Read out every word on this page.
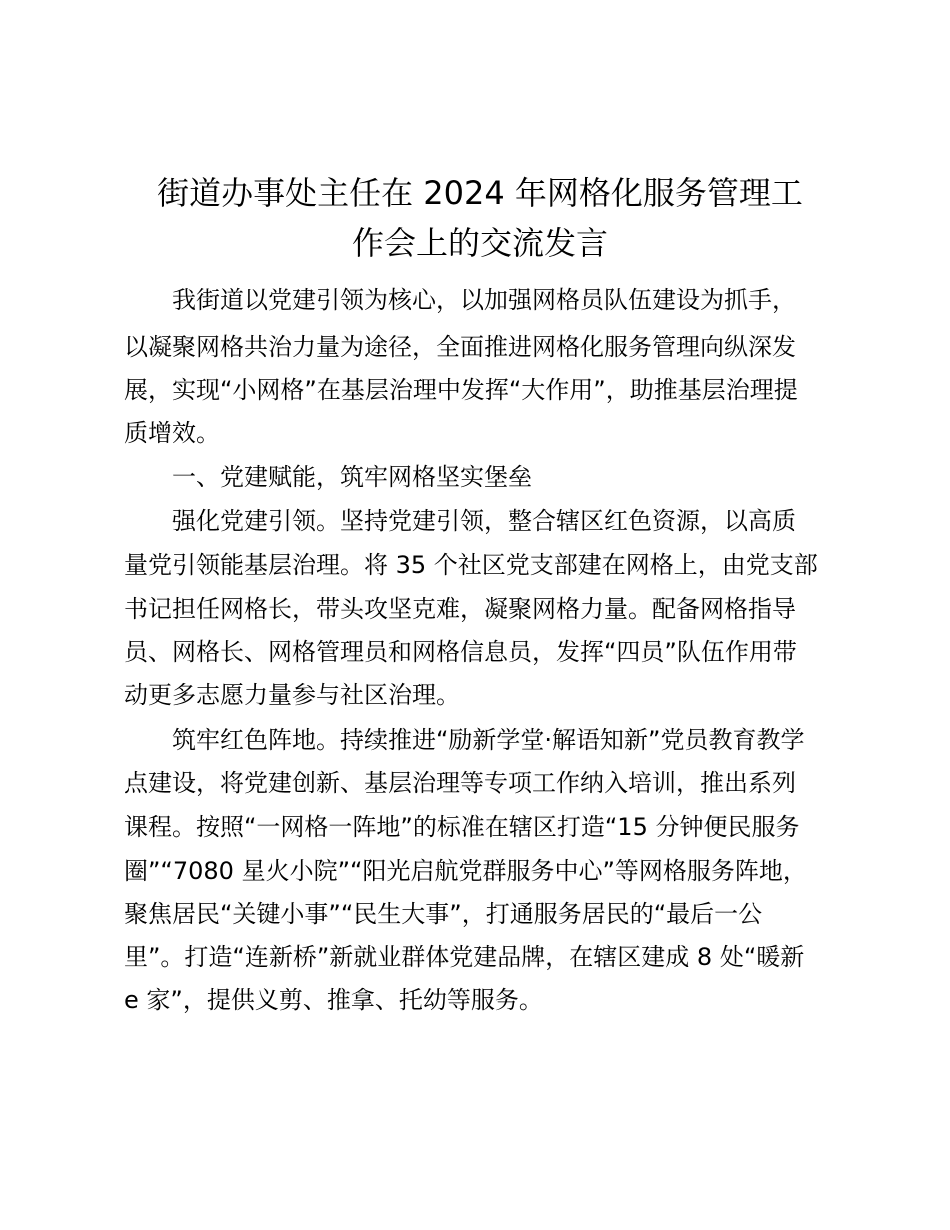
街道办事处主任在 2024 年网格化服务管理工
作会上的交流发言
我街道以党建引领为核心，以加强网格员队伍建设为抓手，
以凝聚网格共治力量为途径，全面推进网格化服务管理向纵深发
展，实现“小网格”在基层治理中发挥“大作用”，助推基层治理提
质增效。
一、党建赋能，筑牢网格坚实堡垒
强化党建引领。坚持党建引领，整合辖区红色资源，以高质
量党引领能基层治理。将 35 个社区党支部建在网格上，由党支部
书记担任网格长，带头攻坚克难，凝聚网格力量。配备网格指导
员、网格长、网格管理员和网格信息员，发挥“四员”队伍作用带
动更多志愿力量参与社区治理。
筑牢红色阵地。持续推进“励新学堂·解语知新”党员教育教学
点建设，将党建创新、基层治理等专项工作纳入培训，推出系列
课程。按照“一网格一阵地”的标准在辖区打造“15 分钟便民服务
圈”“7080 星火小院”“阳光启航党群服务中心”等网格服务阵地，
聚焦居民“关键小事”“民生大事”，打通服务居民的“最后一公
里”。打造“连新桥”新就业群体党建品牌，在辖区建成 8 处“暖新
e 家”，提供义剪、推拿、托幼等服务。
